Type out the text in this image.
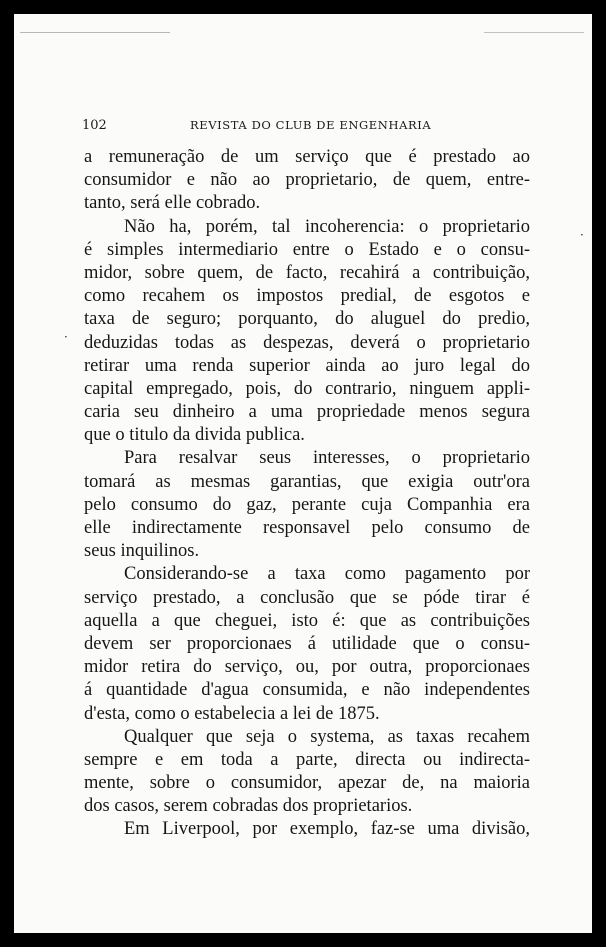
102	REVISTA DO CLUB DE ENGENHARIA
a remuneração de um serviço que é prestado ao
consumidor e não ao proprietario, de quem, entre-
tanto, será elle cobrado.
Não ha, porém, tal incoherencia: o proprietario
é simples intermediario entre o Estado e o consu-
midor, sobre quem, de facto, recahirá a contribuição,
como recahem os impostos predial, de esgotos e
taxa de seguro; porquanto, do aluguel do predio,
deduzidas todas as despezas, deverá o proprietario
retirar uma renda superior ainda ao juro legal do
capital empregado, pois, do contrario, ninguem appli-
caria seu dinheiro a uma propriedade menos segura
que o titulo da divida publica.
Para resalvar seus interesses, o proprietario
tomará as mesmas garantias, que exigia outr'ora
pelo consumo do gaz, perante cuja Companhia era
elle indirectamente responsavel pelo consumo de
seus inquilinos.
Considerando-se a taxa como pagamento por
serviço prestado, a conclusão que se póde tirar é
aquella a que cheguei, isto é: que as contribuições
devem ser proporcionaes á utilidade que o consu-
midor retira do serviço, ou, por outra, proporcionaes
á quantidade d'agua consumida, e não independentes
d'esta, como o estabelecia a lei de 1875.
Qualquer que seja o systema, as taxas recahem
sempre e em toda a parte, directa ou indirecta-
mente, sobre o consumidor, apezar de, na maioria
dos casos, serem cobradas dos proprietarios.
Em Liverpool, por exemplo, faz-se uma divisão,
·
·
